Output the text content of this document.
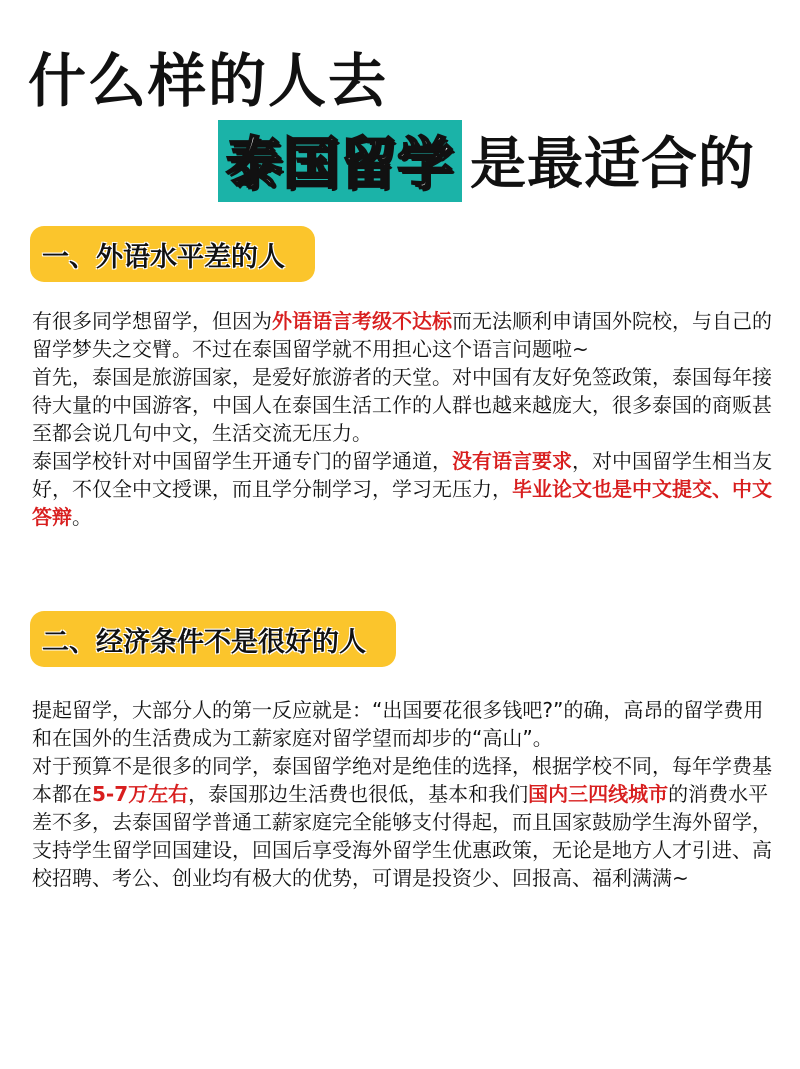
什么样的人去
泰国留学 是最适合的
一、外语水平差的人

有很多同学想留学，但因为外语语言考级不达标而无法顺利申请国外院校，与自己的留学梦失之交臂。不过在泰国留学就不用担心这个语言问题啦~

首先，泰国是旅游国家，是爱好旅游者的天堂。对中国有友好免签政策，泰国每年接待大量的中国游客，中国人在泰国生活工作的人群也越来越庞大，很多泰国的商贩甚至都会说几句中文，生活交流无压力。

泰国学校针对中国留学生开通专门的留学通道，没有语言要求，对中国留学生相当友好，不仅全中文授课，而且学分制学习，学习无压力，毕业论文也是中文提交、中文答辩。

二、经济条件不是很好的人

提起留学，大部分人的第一反应就是：“出国要花很多钱吧?”的确，高昂的留学费用和在国外的生活费成为工薪家庭对留学望而却步的“高山”。

对于预算不是很多的同学，泰国留学绝对是绝佳的选择，根据学校不同，每年学费基本都在5-7万左右，泰国那边生活费也很低，基本和我们国内三四线城市的消费水平差不多，去泰国留学普通工薪家庭完全能够支付得起，而且国家鼓励学生海外留学，支持学生留学回国建设，回国后享受海外留学生优惠政策，无论是地方人才引进、高校招聘、考公、创业均有极大的优势，可谓是投资少、回报高、福利满满~
